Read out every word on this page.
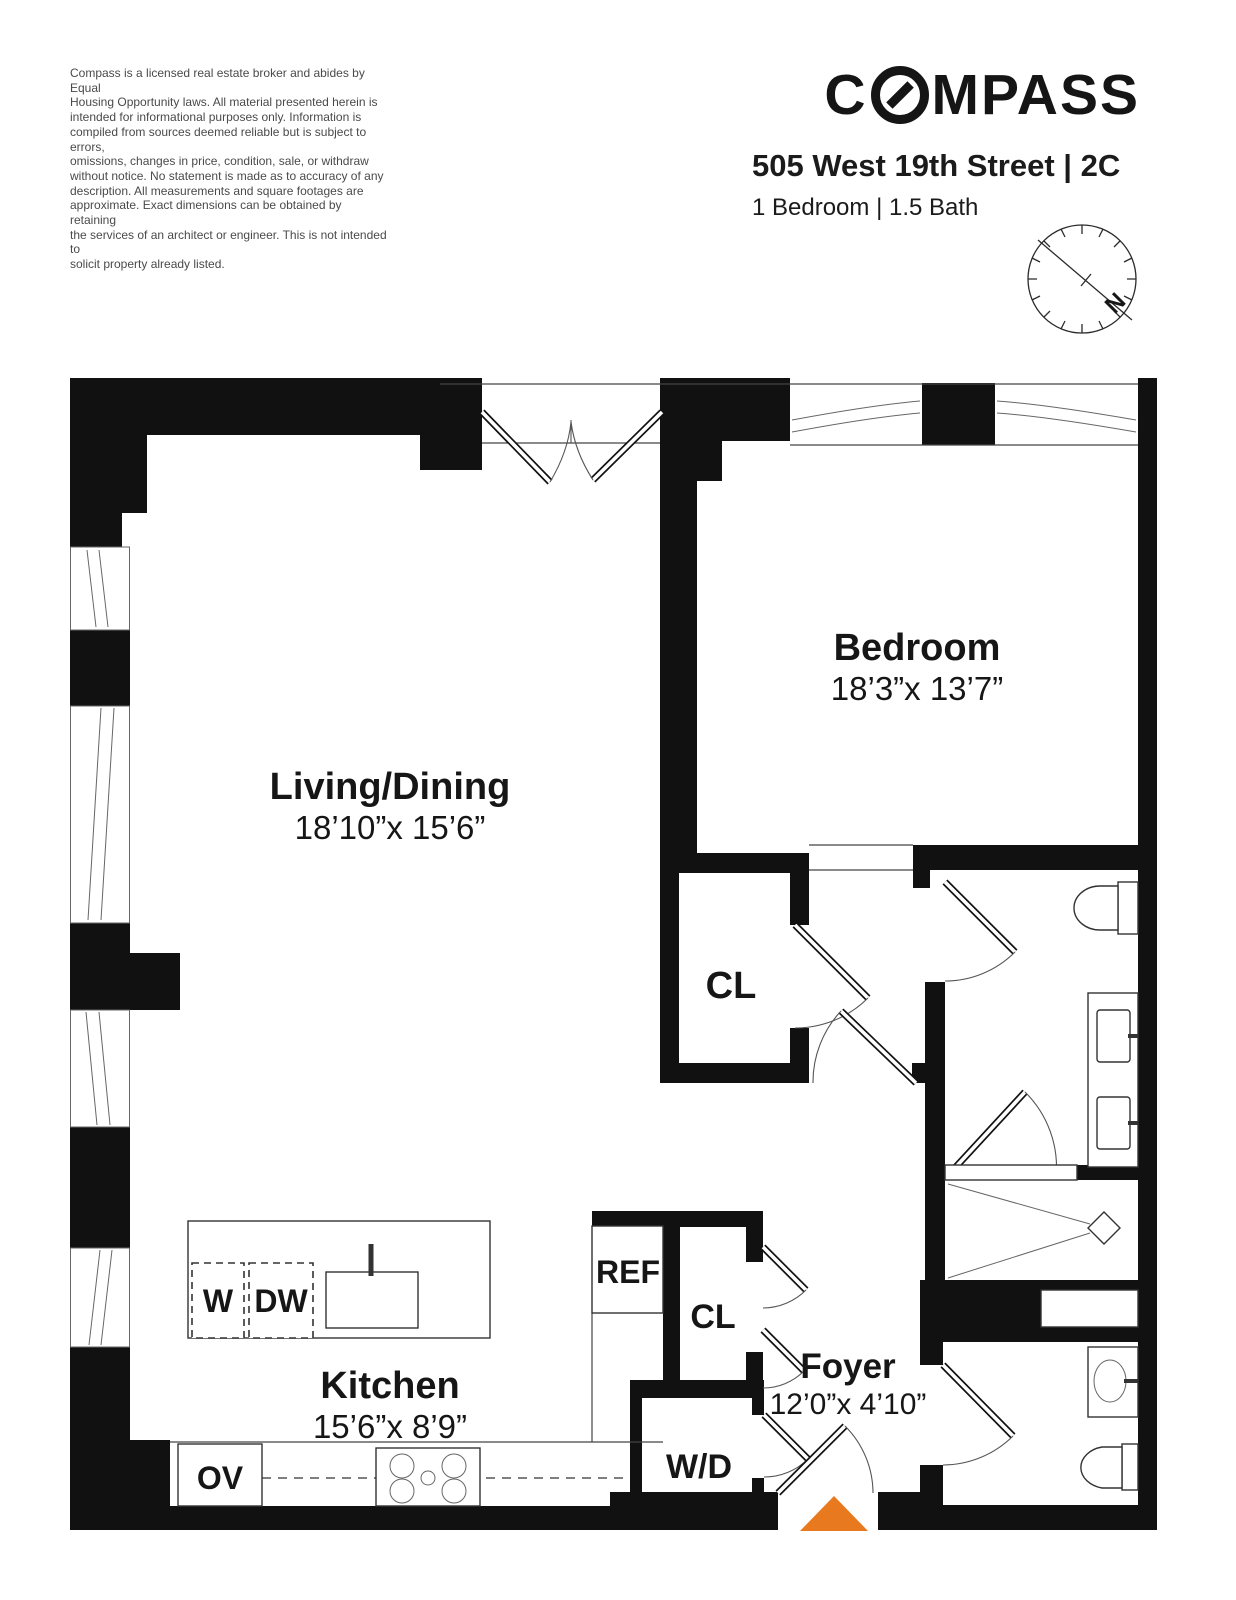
Compass is a licensed real estate broker and abides by Equal
Housing Opportunity laws. All material presented herein is
intended for informational purposes only. Information is
compiled from sources deemed reliable but is subject to errors,
omissions, changes in price, condition, sale, or withdraw
without notice. No statement is made as to accuracy of any
description. All measurements and square footages are
approximate. Exact dimensions can be obtained by retaining
the services of an architect or engineer. This is not intended to
solicit property already listed.
C MPASS
505 West 19th Street | 2C
1 Bedroom | 1.5 Bath
N
Bedroom
18’3”x 13’7”
Living/Dining
18’10”x 15’6”
Kitchen
15’6”x 8’9”
Foyer
12’0”x 4’10”
CL
CL
W/D
REF
OV
W DW
